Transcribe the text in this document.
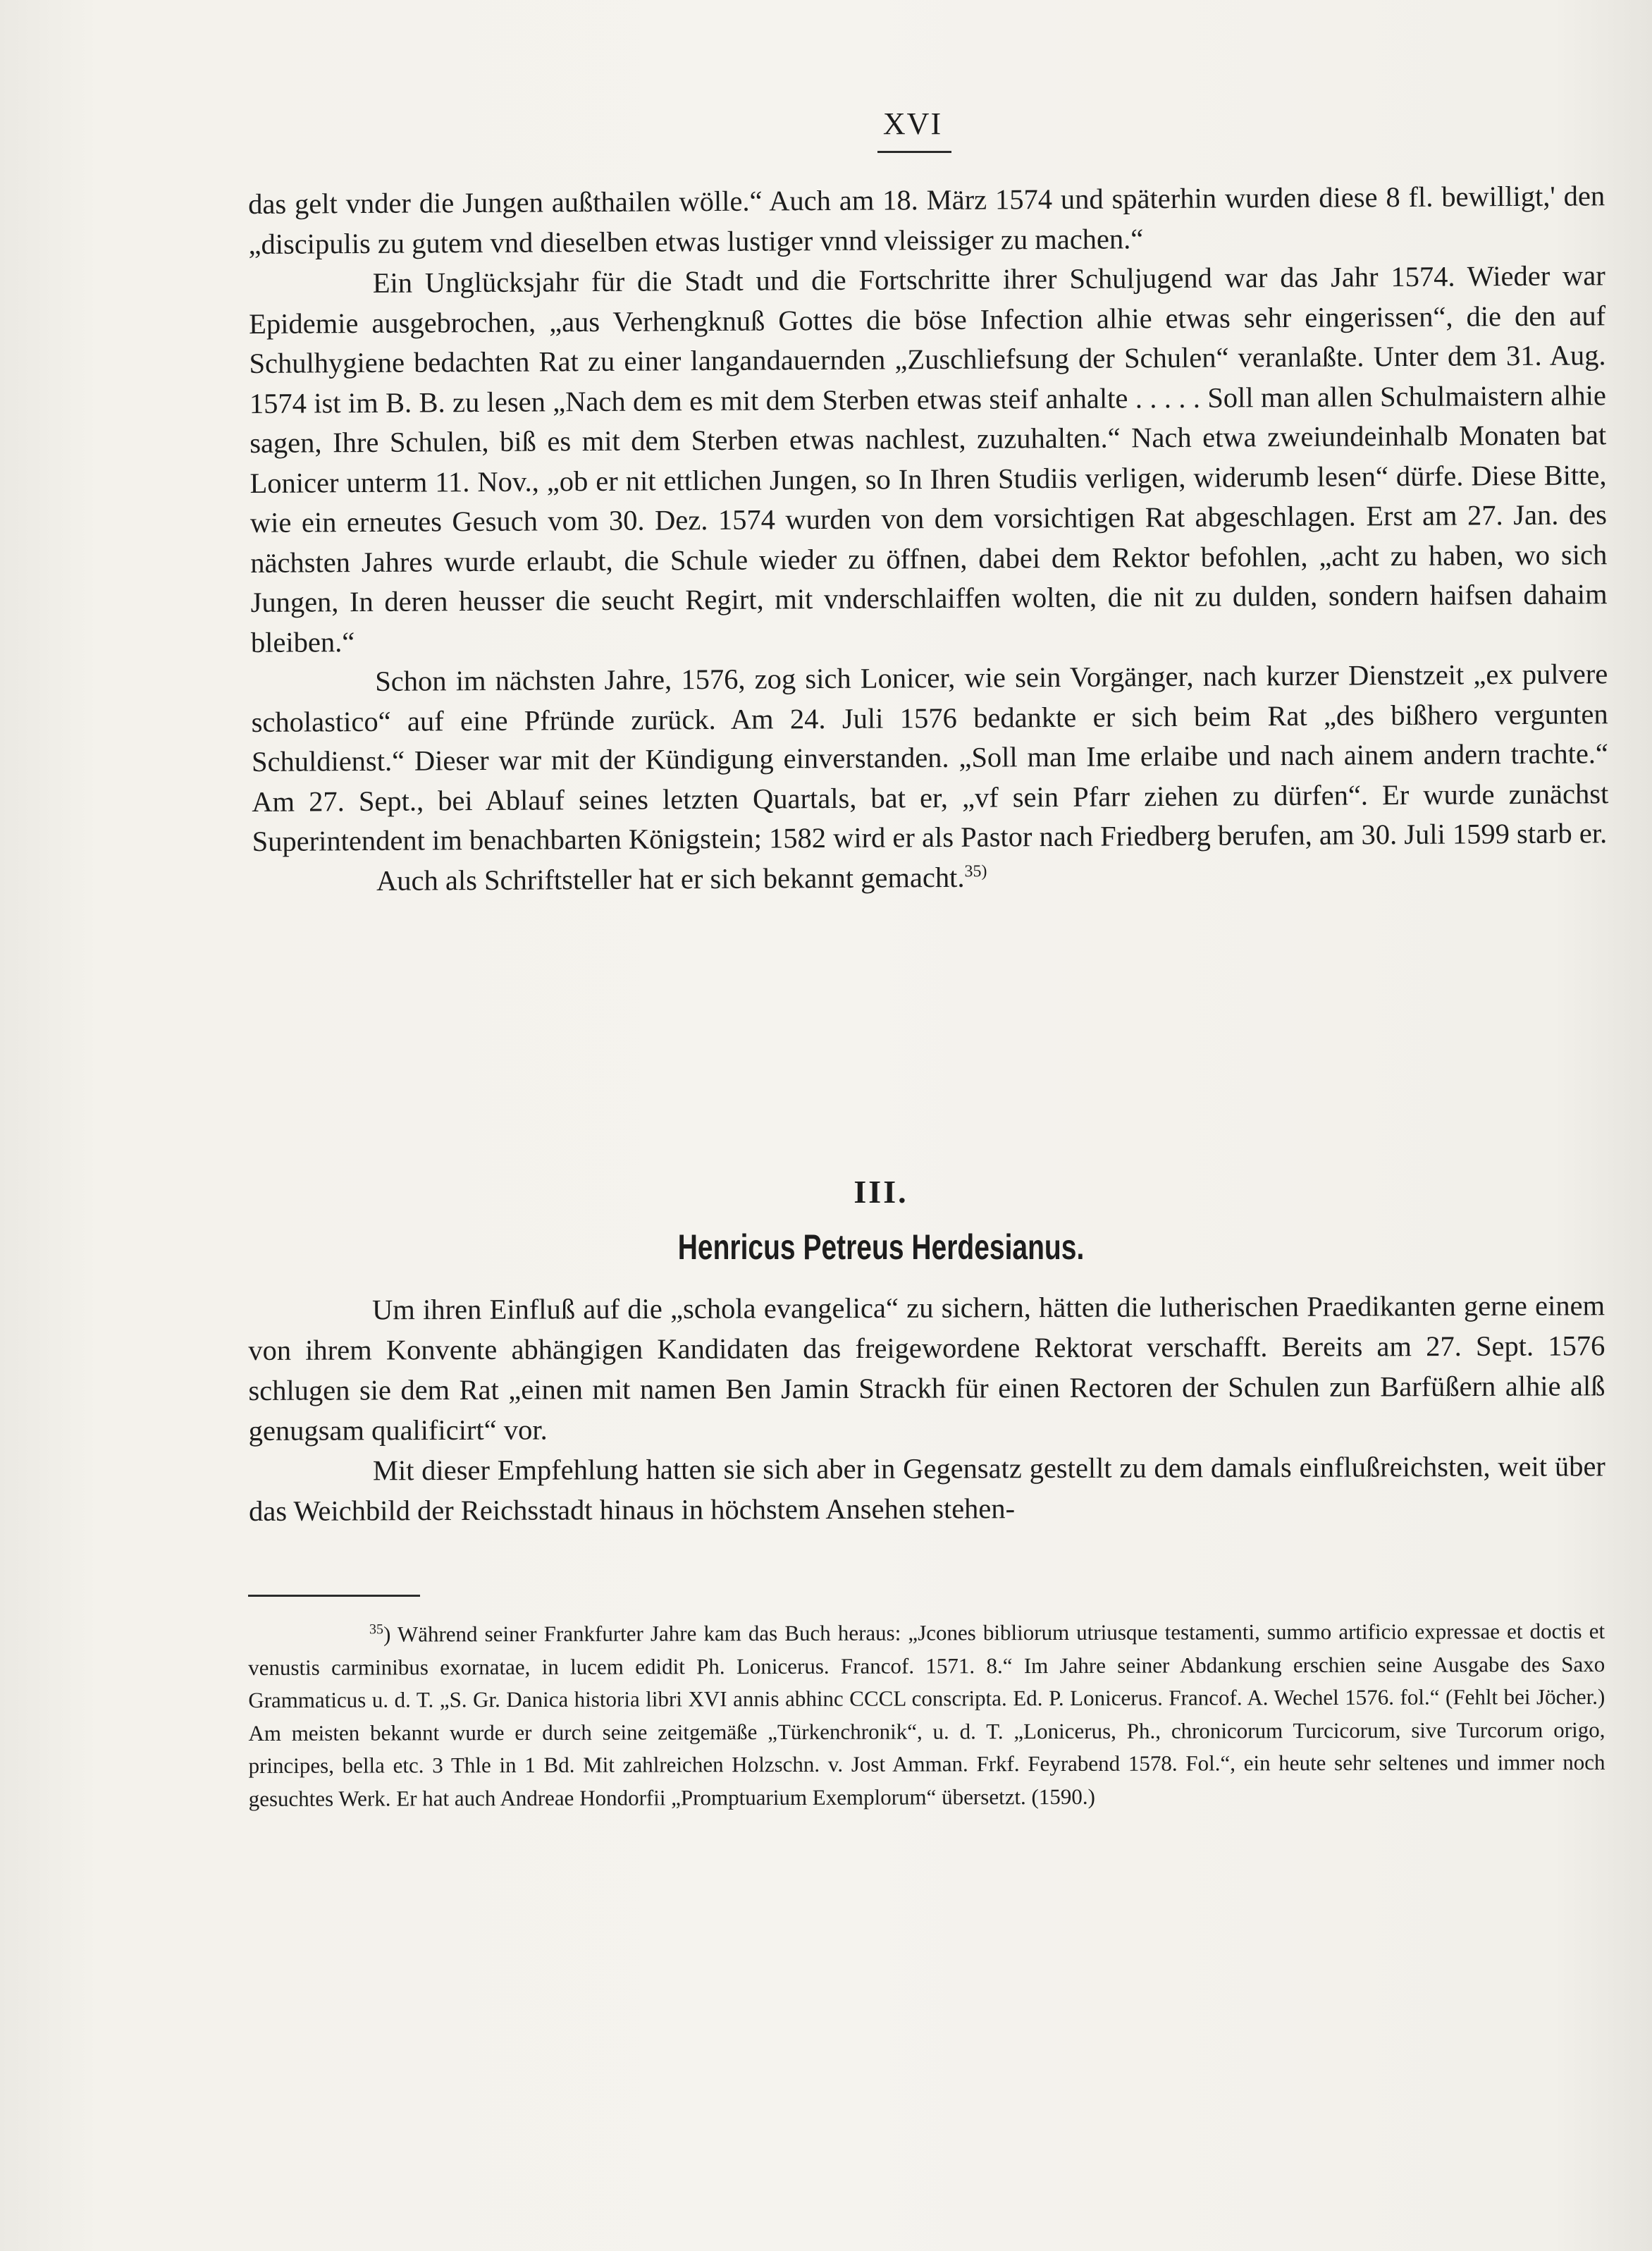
XVI

das gelt vnder die Jungen außthailen wölle.“ Auch am 18. März 1574 und späterhin wurden diese 8 fl. bewilligt,' den „discipulis zu gutem vnd dieselben etwas lustiger vnnd vleissiger zu machen.“

Ein Unglücksjahr für die Stadt und die Fortschritte ihrer Schuljugend war das Jahr 1574. Wieder war Epidemie ausgebrochen, „aus Verhengknuß Gottes die böse Infection alhie etwas sehr eingerissen“, die den auf Schulhygiene bedachten Rat zu einer langandauernden „Zuschliefsung der Schulen“ veranlaßte. Unter dem 31. Aug. 1574 ist im B. B. zu lesen „Nach dem es mit dem Sterben etwas steif anhalte . . . . . Soll man allen Schulmaistern alhie sagen, Ihre Schulen, biß es mit dem Sterben etwas nachlest, zuzuhalten.“ Nach etwa zweiundeinhalb Monaten bat Lonicer unterm 11. Nov., „ob er nit ettlichen Jungen, so In Ihren Studiis verligen, widerumb lesen“ dürfe. Diese Bitte, wie ein erneutes Gesuch vom 30. Dez. 1574 wurden von dem vorsichtigen Rat abgeschlagen. Erst am 27. Jan. des nächsten Jahres wurde erlaubt, die Schule wieder zu öffnen, dabei dem Rektor befohlen, „acht zu haben, wo sich Jungen, In deren heusser die seucht Regirt, mit vnderschlaiffen wolten, die nit zu dulden, sondern haifsen dahaim bleiben.“

Schon im nächsten Jahre, 1576, zog sich Lonicer, wie sein Vorgänger, nach kurzer Dienstzeit „ex pulvere scholastico“ auf eine Pfründe zurück. Am 24. Juli 1576 bedankte er sich beim Rat „des bißhero vergunten Schuldienst.“ Dieser war mit der Kündigung einverstanden. „Soll man Ime erlaibe und nach ainem andern trachte.“ Am 27. Sept., bei Ablauf seines letzten Quartals, bat er, „vf sein Pfarr ziehen zu dürfen“. Er wurde zunächst Superintendent im benachbarten Königstein; 1582 wird er als Pastor nach Friedberg berufen, am 30. Juli 1599 starb er.

Auch als Schriftsteller hat er sich bekannt gemacht.$^{35)}$

III.
Henricus Petreus Herdesianus.

Um ihren Einfluß auf die „schola evangelica“ zu sichern, hätten die lutherischen Praedikanten gerne einem von ihrem Konvente abhängigen Kandidaten das freigewordene Rektorat verschafft. Bereits am 27. Sept. 1576 schlugen sie dem Rat „einen mit namen Ben Jamin Strackh für einen Rectoren der Schulen zun Barfüßern alhie alß genugsam qualificirt“ vor.

Mit dieser Empfehlung hatten sie sich aber in Gegensatz gestellt zu dem damals einflußreichsten, weit über das Weichbild der Reichsstadt hinaus in höchstem Ansehen stehen-

$^{35}$) Während seiner Frankfurter Jahre kam das Buch heraus: „Jcones bibliorum utriusque testamenti, summo artificio expressae et doctis et venustis carminibus exornatae, in lucem edidit Ph. Lonicerus. Francof. 1571. 8.“ Im Jahre seiner Abdankung erschien seine Ausgabe des Saxo Grammaticus u. d. T. „S. Gr. Danica historia libri XVI annis abhinc CCCL conscripta. Ed. P. Lonicerus. Francof. A. Wechel 1576. fol.“ (Fehlt bei Jöcher.) Am meisten bekannt wurde er durch seine zeitgemäße „Türkenchronik“, u. d. T. „Lonicerus, Ph., chronicorum Turcicorum, sive Turcorum origo, principes, bella etc. 3 Thle in 1 Bd. Mit zahlreichen Holzschn. v. Jost Amman. Frkf. Feyrabend 1578. Fol.“, ein heute sehr seltenes und immer noch gesuchtes Werk. Er hat auch Andreae Hondorfii „Promptuarium Exemplorum“ übersetzt. (1590.)
